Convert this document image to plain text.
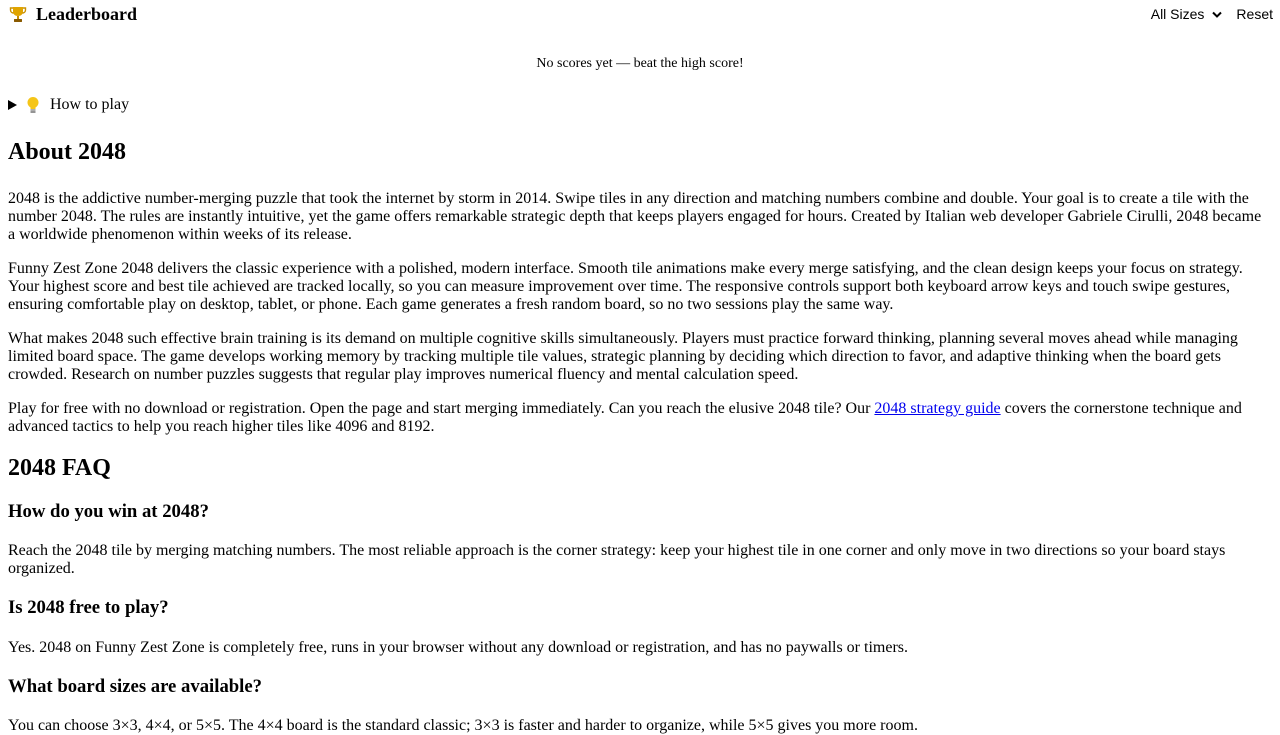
Leaderboard	All Sizes Reset
No scores yet — beat the high score!
How to play
About 2048

2048 is the addictive number-merging puzzle that took the internet by storm in 2014. Swipe tiles in any direction and matching numbers combine and double. Your goal is to create a tile with the number 2048. The rules are instantly intuitive, yet the game offers remarkable strategic depth that keeps players engaged for hours. Created by Italian web developer Gabriele Cirulli, 2048 became a worldwide phenomenon within weeks of its release.

Funny Zest Zone 2048 delivers the classic experience with a polished, modern interface. Smooth tile animations make every merge satisfying, and the clean design keeps your focus on strategy. Your highest score and best tile achieved are tracked locally, so you can measure improvement over time. The responsive controls support both keyboard arrow keys and touch swipe gestures, ensuring comfortable play on desktop, tablet, or phone. Each game generates a fresh random board, so no two sessions play the same way.

What makes 2048 such effective brain training is its demand on multiple cognitive skills simultaneously. Players must practice forward thinking, planning several moves ahead while managing limited board space. The game develops working memory by tracking multiple tile values, strategic planning by deciding which direction to favor, and adaptive thinking when the board gets crowded. Research on number puzzles suggests that regular play improves numerical fluency and mental calculation speed.

Play for free with no download or registration. Open the page and start merging immediately. Can you reach the elusive 2048 tile? Our 2048 strategy guide covers the cornerstone technique and advanced tactics to help you reach higher tiles like 4096 and 8192.

2048 FAQ
How do you win at 2048?

Reach the 2048 tile by merging matching numbers. The most reliable approach is the corner strategy: keep your highest tile in one corner and only move in two directions so your board stays organized.

Is 2048 free to play?

Yes. 2048 on Funny Zest Zone is completely free, runs in your browser without any download or registration, and has no paywalls or timers.

What board sizes are available?

You can choose 3×3, 4×4, or 5×5. The 4×4 board is the standard classic; 3×3 is faster and harder to organize, while 5×5 gives you more room.
